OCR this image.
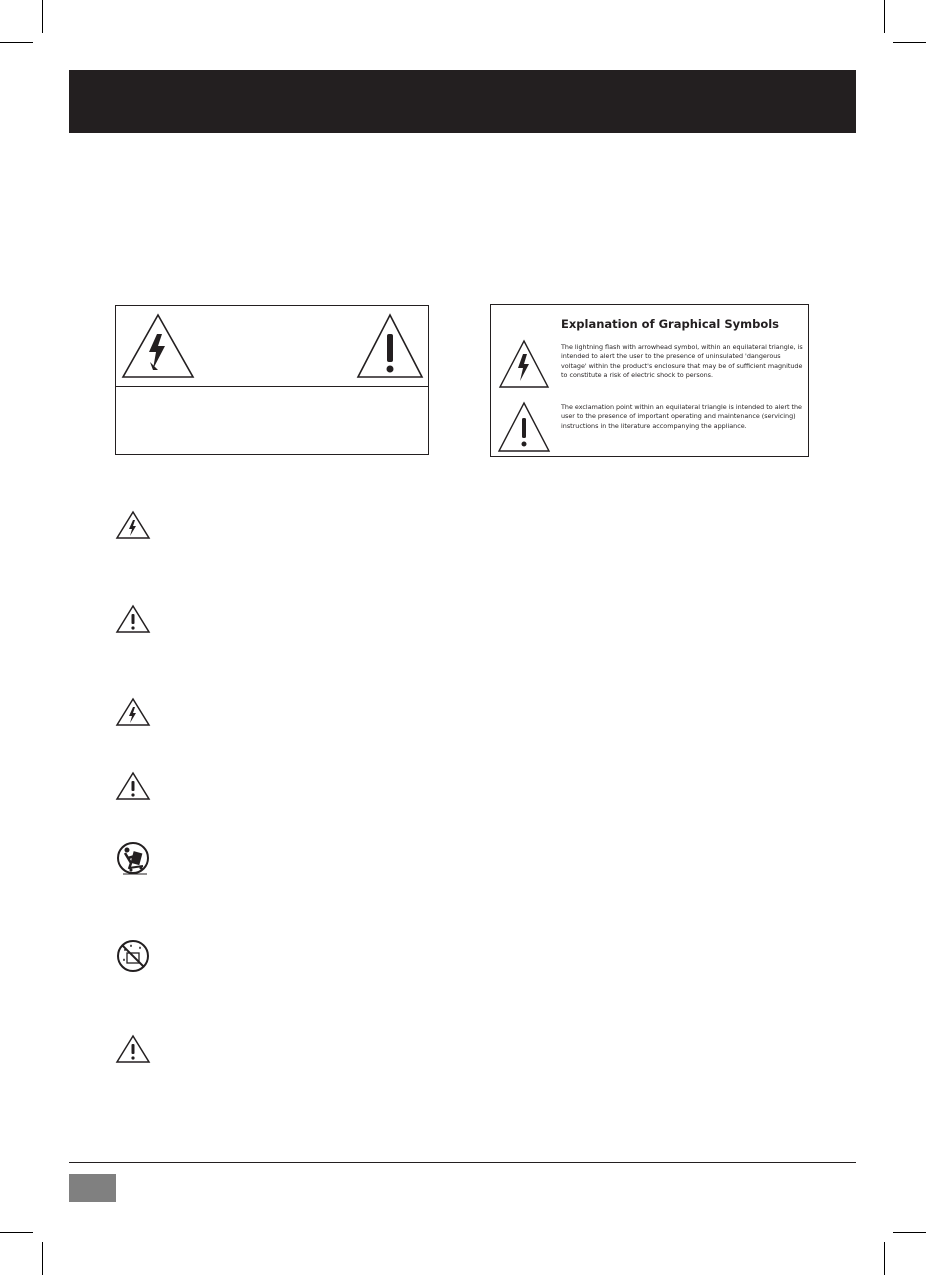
Explanation of Graphical Symbols
The lightning flash with arrowhead symbol, within an equilateral triangle, is intended to alert the user to the presence of uninsulated 'dangerous voltage' within the product's enclosure that may be of sufficient magnitude to constitute a risk of electric shock to persons.
The exclamation point within an equilateral triangle is intended to alert the user to the presence of important operating and maintenance (servicing) instructions in the literature accompanying the appliance.
